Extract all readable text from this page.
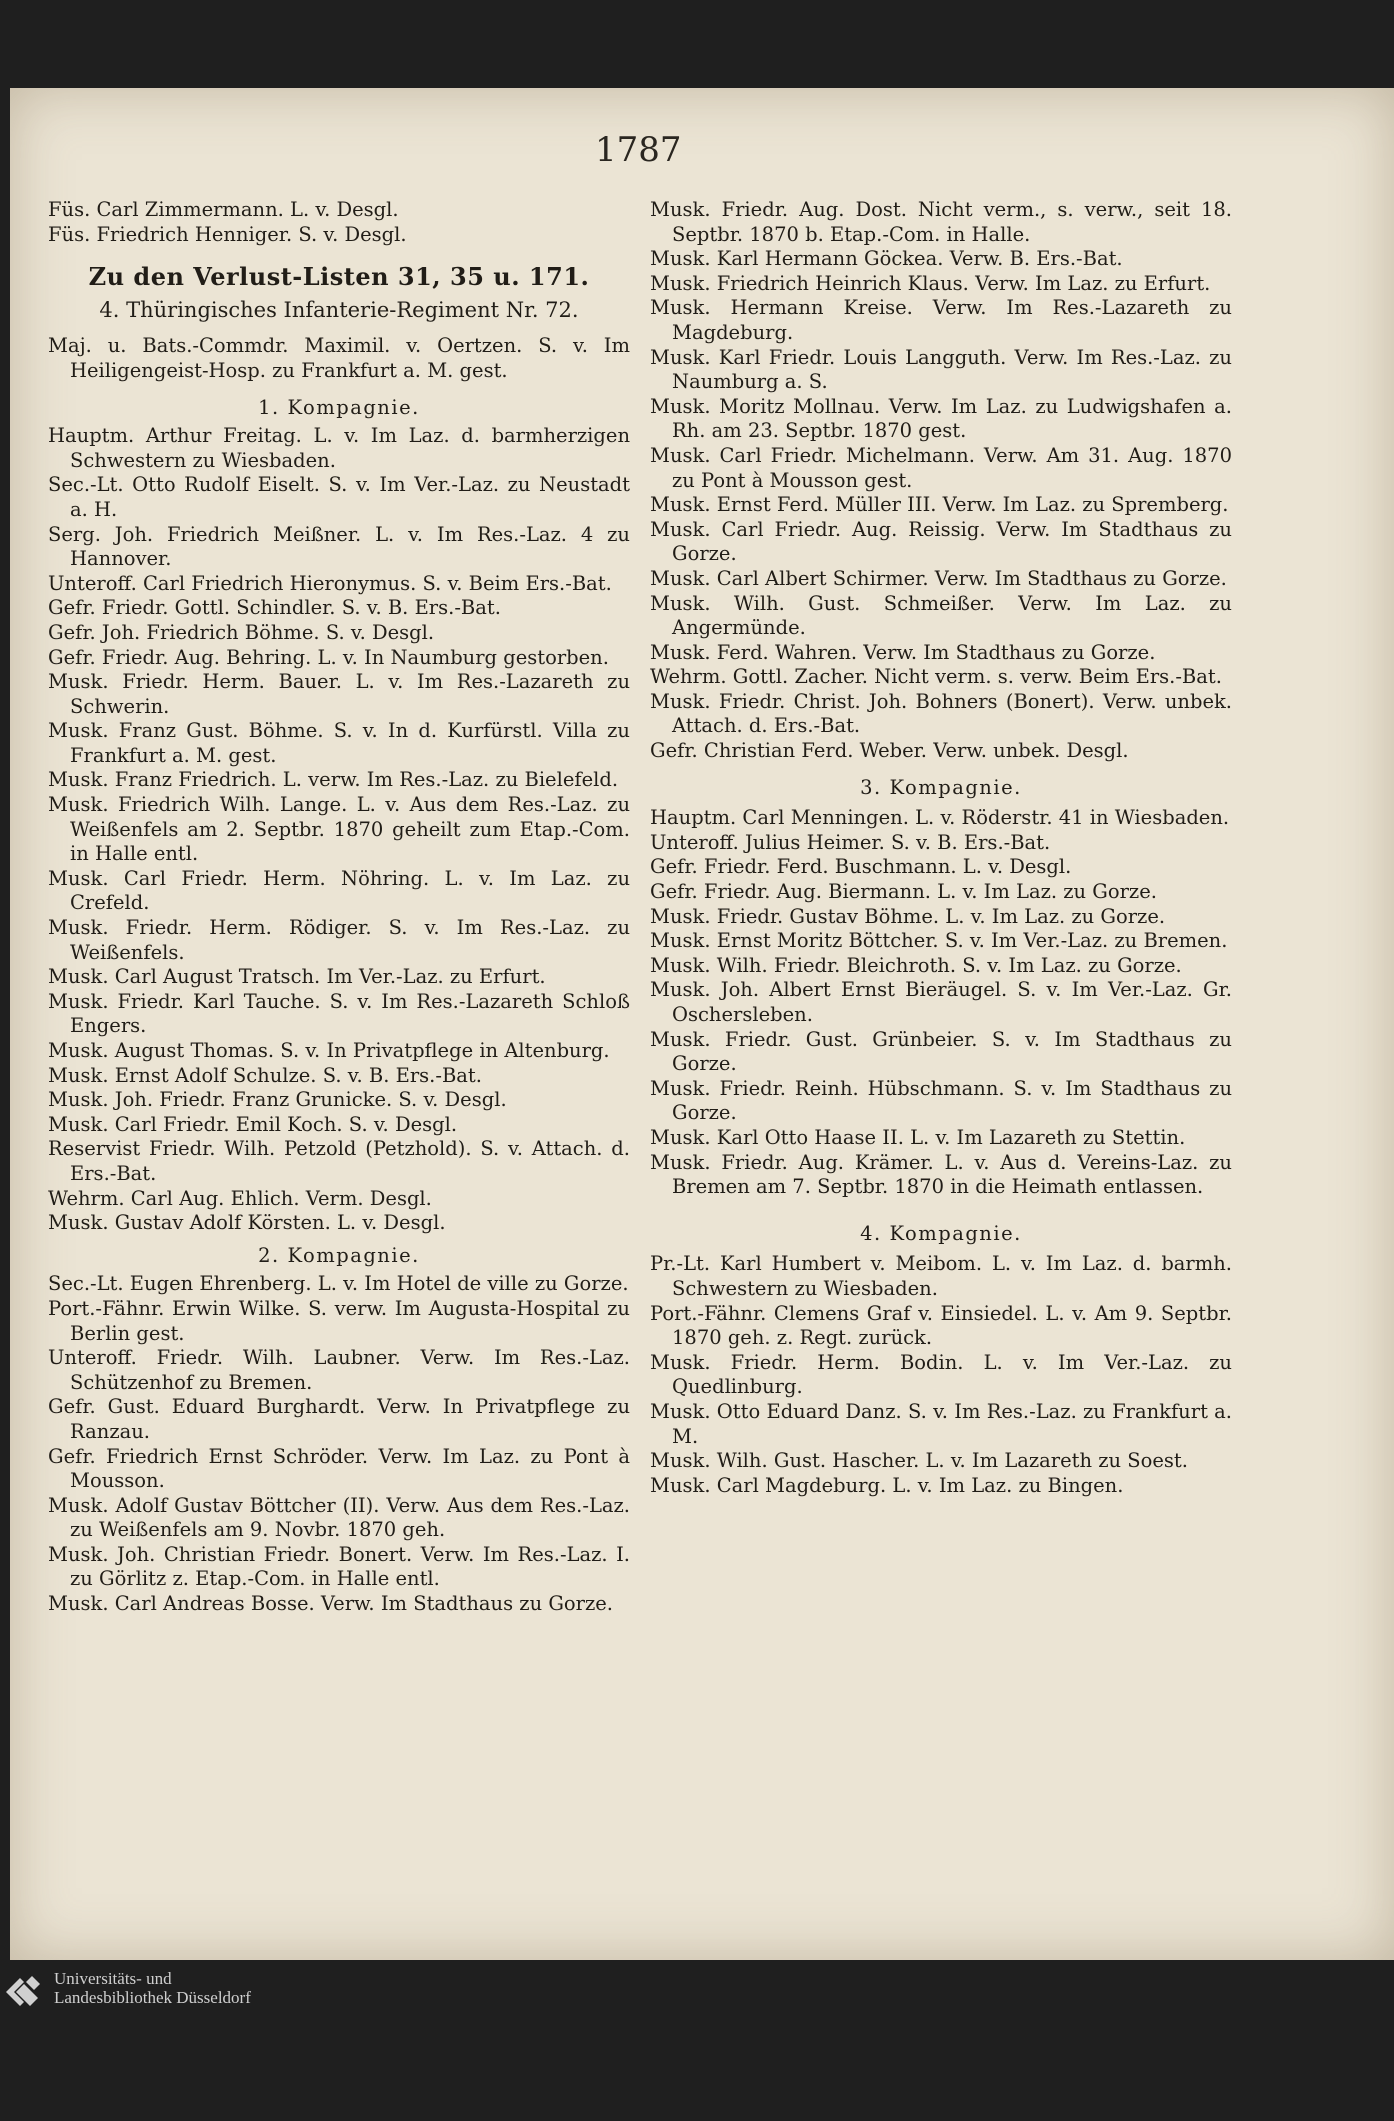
1787

Füs. Carl Zimmermann. L. v. Desgl.

Füs. Friedrich Henniger. S. v. Desgl.

Zu den Verlust-Listen 31, 35 u. 171.
4. Thüringisches Infanterie-Regiment Nr. 72.

Maj. u. Bats.-Commdr. Maximil. v. Oertzen. S. v. Im Heiligengeist-Hosp. zu Frankfurt a. M. gest.

1. Kompagnie.

Hauptm. Arthur Freitag. L. v. Im Laz. d. barmherzigen Schwestern zu Wiesbaden.

Sec.-Lt. Otto Rudolf Eiselt. S. v. Im Ver.-Laz. zu Neustadt a. H.

Serg. Joh. Friedrich Meißner. L. v. Im Res.-Laz. 4 zu Hannover.

Unteroff. Carl Friedrich Hieronymus. S. v. Beim Ers.-Bat.

Gefr. Friedr. Gottl. Schindler. S. v. B. Ers.-Bat.

Gefr. Joh. Friedrich Böhme. S. v. Desgl.

Gefr. Friedr. Aug. Behring. L. v. In Naumburg gestorben.

Musk. Friedr. Herm. Bauer. L. v. Im Res.-Lazareth zu Schwerin.

Musk. Franz Gust. Böhme. S. v. In d. Kurfürstl. Villa zu Frankfurt a. M. gest.

Musk. Franz Friedrich. L. verw. Im Res.-Laz. zu Bielefeld.

Musk. Friedrich Wilh. Lange. L. v. Aus dem Res.-Laz. zu Weißenfels am 2. Septbr. 1870 geheilt zum Etap.-Com. in Halle entl.

Musk. Carl Friedr. Herm. Nöhring. L. v. Im Laz. zu Crefeld.

Musk. Friedr. Herm. Rödiger. S. v. Im Res.-Laz. zu Weißenfels.

Musk. Carl August Tratsch. Im Ver.-Laz. zu Erfurt.

Musk. Friedr. Karl Tauche. S. v. Im Res.-Lazareth Schloß Engers.

Musk. August Thomas. S. v. In Privatpflege in Altenburg.

Musk. Ernst Adolf Schulze. S. v. B. Ers.-Bat.

Musk. Joh. Friedr. Franz Grunicke. S. v. Desgl.

Musk. Carl Friedr. Emil Koch. S. v. Desgl.

Reservist Friedr. Wilh. Petzold (Petzhold). S. v. Attach. d. Ers.-Bat.

Wehrm. Carl Aug. Ehlich. Verm. Desgl.

Musk. Gustav Adolf Körsten. L. v. Desgl.

2. Kompagnie.

Sec.-Lt. Eugen Ehrenberg. L. v. Im Hotel de ville zu Gorze.

Port.-Fähnr. Erwin Wilke. S. verw. Im Augusta-Hospital zu Berlin gest.

Unteroff. Friedr. Wilh. Laubner. Verw. Im Res.-Laz. Schützenhof zu Bremen.

Gefr. Gust. Eduard Burghardt. Verw. In Privatpflege zu Ranzau.

Gefr. Friedrich Ernst Schröder. Verw. Im Laz. zu Pont à Mousson.

Musk. Adolf Gustav Böttcher (II). Verw. Aus dem Res.-Laz. zu Weißenfels am 9. Novbr. 1870 geh.

Musk. Joh. Christian Friedr. Bonert. Verw. Im Res.-Laz. I. zu Görlitz z. Etap.-Com. in Halle entl.

Musk. Carl Andreas Bosse. Verw. Im Stadthaus zu Gorze.

Musk. Friedr. Aug. Dost. Nicht verm., s. verw., seit 18. Septbr. 1870 b. Etap.-Com. in Halle.

Musk. Karl Hermann Göckea. Verw. B. Ers.-Bat.

Musk. Friedrich Heinrich Klaus. Verw. Im Laz. zu Erfurt.

Musk. Hermann Kreise. Verw. Im Res.-Lazareth zu Magdeburg.

Musk. Karl Friedr. Louis Langguth. Verw. Im Res.-Laz. zu Naumburg a. S.

Musk. Moritz Mollnau. Verw. Im Laz. zu Ludwigshafen a. Rh. am 23. Septbr. 1870 gest.

Musk. Carl Friedr. Michelmann. Verw. Am 31. Aug. 1870 zu Pont à Mousson gest.

Musk. Ernst Ferd. Müller III. Verw. Im Laz. zu Spremberg.

Musk. Carl Friedr. Aug. Reissig. Verw. Im Stadthaus zu Gorze.

Musk. Carl Albert Schirmer. Verw. Im Stadthaus zu Gorze.

Musk. Wilh. Gust. Schmeißer. Verw. Im Laz. zu Angermünde.

Musk. Ferd. Wahren. Verw. Im Stadthaus zu Gorze.

Wehrm. Gottl. Zacher. Nicht verm. s. verw. Beim Ers.-Bat.

Musk. Friedr. Christ. Joh. Bohners (Bonert). Verw. unbek. Attach. d. Ers.-Bat.

Gefr. Christian Ferd. Weber. Verw. unbek. Desgl.

3. Kompagnie.

Hauptm. Carl Menningen. L. v. Röderstr. 41 in Wiesbaden.

Unteroff. Julius Heimer. S. v. B. Ers.-Bat.

Gefr. Friedr. Ferd. Buschmann. L. v. Desgl.

Gefr. Friedr. Aug. Biermann. L. v. Im Laz. zu Gorze.

Musk. Friedr. Gustav Böhme. L. v. Im Laz. zu Gorze.

Musk. Ernst Moritz Böttcher. S. v. Im Ver.-Laz. zu Bremen.

Musk. Wilh. Friedr. Bleichroth. S. v. Im Laz. zu Gorze.

Musk. Joh. Albert Ernst Bieräugel. S. v. Im Ver.-Laz. Gr. Oschersleben.

Musk. Friedr. Gust. Grünbeier. S. v. Im Stadthaus zu Gorze.

Musk. Friedr. Reinh. Hübschmann. S. v. Im Stadthaus zu Gorze.

Musk. Karl Otto Haase II. L. v. Im Lazareth zu Stettin.

Musk. Friedr. Aug. Krämer. L. v. Aus d. Vereins-Laz. zu Bremen am 7. Septbr. 1870 in die Heimath entlassen.

4. Kompagnie.

Pr.-Lt. Karl Humbert v. Meibom. L. v. Im Laz. d. barmh. Schwestern zu Wiesbaden.

Port.-Fähnr. Clemens Graf v. Einsiedel. L. v. Am 9. Septbr. 1870 geh. z. Regt. zurück.

Musk. Friedr. Herm. Bodin. L. v. Im Ver.-Laz. zu Quedlinburg.

Musk. Otto Eduard Danz. S. v. Im Res.-Laz. zu Frankfurt a. M.

Musk. Wilh. Gust. Hascher. L. v. Im Lazareth zu Soest.

Musk. Carl Magdeburg. L. v. Im Laz. zu Bingen.

Universitäts- und
Landesbibliothek Düsseldorf
